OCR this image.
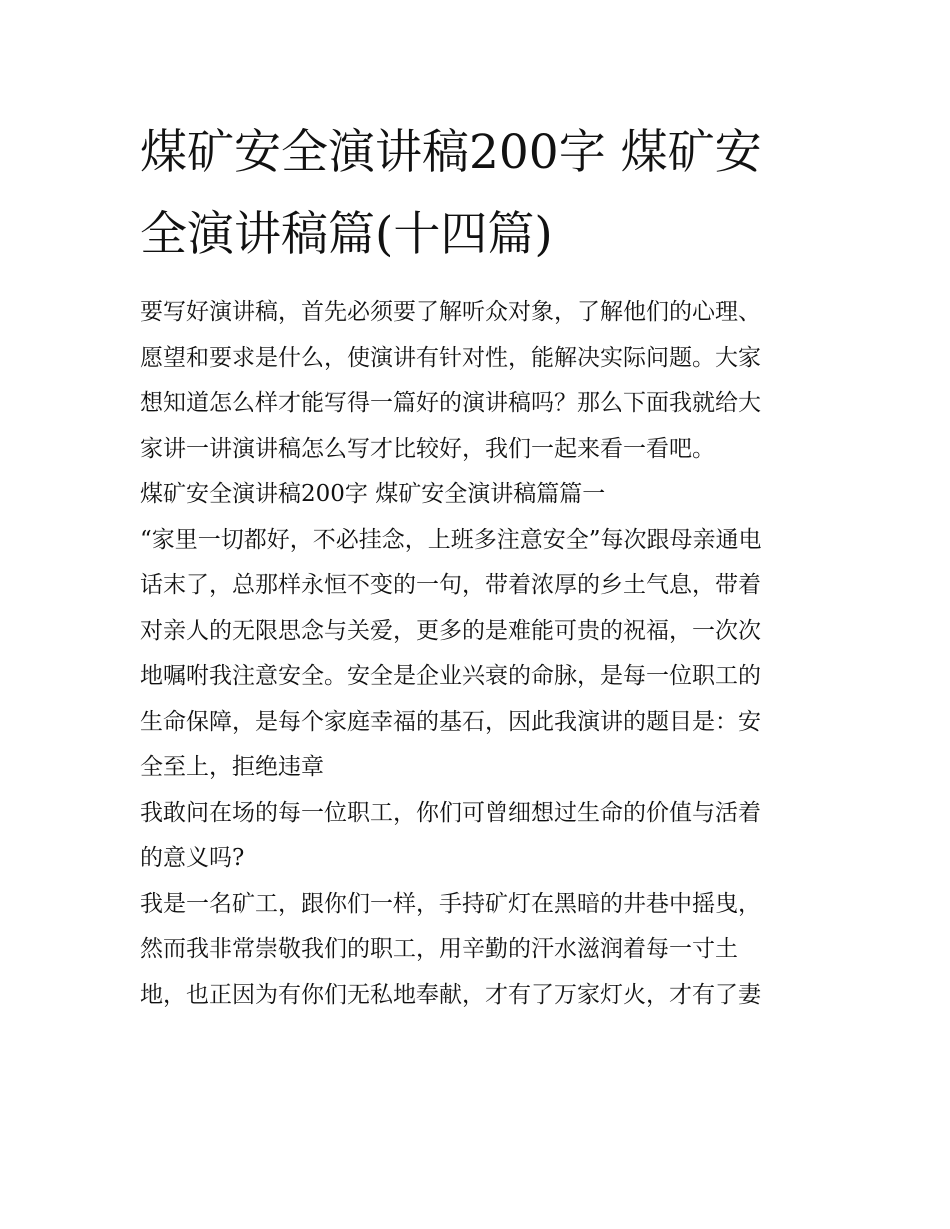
煤矿安全演讲稿200字 煤矿安
全演讲稿篇(十四篇)
要写好演讲稿，首先必须要了解听众对象，了解他们的心理、
愿望和要求是什么，使演讲有针对性，能解决实际问题。大家
想知道怎么样才能写得一篇好的演讲稿吗？那么下面我就给大
家讲一讲演讲稿怎么写才比较好，我们一起来看一看吧。
煤矿安全演讲稿200字 煤矿安全演讲稿篇篇一
“家里一切都好，不必挂念，上班多注意安全”每次跟母亲通电
话末了，总那样永恒不变的一句，带着浓厚的乡土气息，带着
对亲人的无限思念与关爱，更多的是难能可贵的祝福，一次次
地嘱咐我注意安全。安全是企业兴衰的命脉，是每一位职工的
生命保障，是每个家庭幸福的基石，因此我演讲的题目是：安
全至上，拒绝违章
我敢问在场的每一位职工，你们可曾细想过生命的价值与活着
的意义吗?
我是一名矿工，跟你们一样，手持矿灯在黑暗的井巷中摇曳，
然而我非常崇敬我们的职工，用辛勤的汗水滋润着每一寸土
地，也正因为有你们无私地奉献，才有了万家灯火，才有了妻
